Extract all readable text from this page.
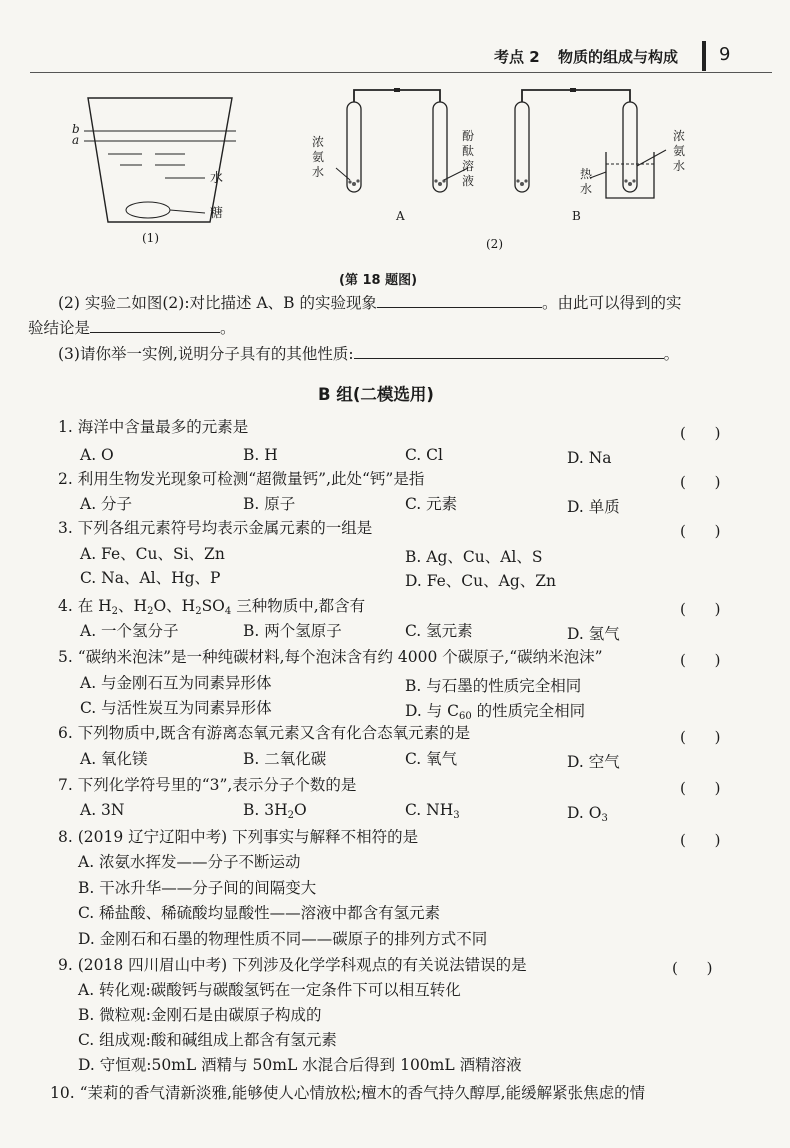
考点 2 物质的组成与构成 9
b
a
水
糖
(1)
浓 氨 水
酚 酞 溶 液
A
浓 氨 水
热 水
B
(2)
(第 18 题图)
(2) 实验二如图(2):对比描述 A、B 的实验现象	。由此可以得到的实
验结论是	。
(3)请你举一实例,说明分子具有的其他性质:	。
B 组(二模选用)
1. 海洋中含量最多的元素是	( )
A. O	B. H	C. Cl	D. Na
2. 利用生物发光现象可检测“超微量钙”,此处“钙”是指	( )
A. 分子	B. 原子	C. 元素	D. 单质
3. 下列各组元素符号均表示金属元素的一组是	( )
A. Fe、Cu、Si、Zn	B. Ag、Cu、Al、S
C. Na、Al、Hg、P	D. Fe、Cu、Ag、Zn
4. 在 $H_2$、$H_2O$、$H_2SO_4$ 三种物质中,都含有	( )
A. 一个氢分子	B. 两个氢原子	C. 氢元素	D. 氢气
5. “碳纳米泡沫”是一种纯碳材料,每个泡沫含有约 4000 个碳原子,“碳纳米泡沫”	( )
A. 与金刚石互为同素异形体	B. 与石墨的性质完全相同
C. 与活性炭互为同素异形体	D. 与 $C_{60}$ 的性质完全相同
6. 下列物质中,既含有游离态氧元素又含有化合态氧元素的是	( )
A. 氧化镁	B. 二氧化碳	C. 氧气	D. 空气
7. 下列化学符号里的“3”,表示分子个数的是	( )
A. 3N	B. $3H_2O$	C. $NH_3$	D. $O_3$
8. (2019 辽宁辽阳中考) 下列事实与解释不相符的是	( )
A. 浓氨水挥发——分子不断运动
B. 干冰升华——分子间的间隔变大
C. 稀盐酸、稀硫酸均显酸性——溶液中都含有氢元素
D. 金刚石和石墨的物理性质不同——碳原子的排列方式不同
9. (2018 四川眉山中考) 下列涉及化学学科观点的有关说法错误的是	( )
A. 转化观:碳酸钙与碳酸氢钙在一定条件下可以相互转化
B. 微粒观:金刚石是由碳原子构成的
C. 组成观:酸和碱组成上都含有氢元素
D. 守恒观:50mL 酒精与 50mL 水混合后得到 100mL 酒精溶液
10. “茉莉的香气清新淡雅,能够使人心情放松;檀木的香气持久醇厚,能缓解紧张焦虑的情
